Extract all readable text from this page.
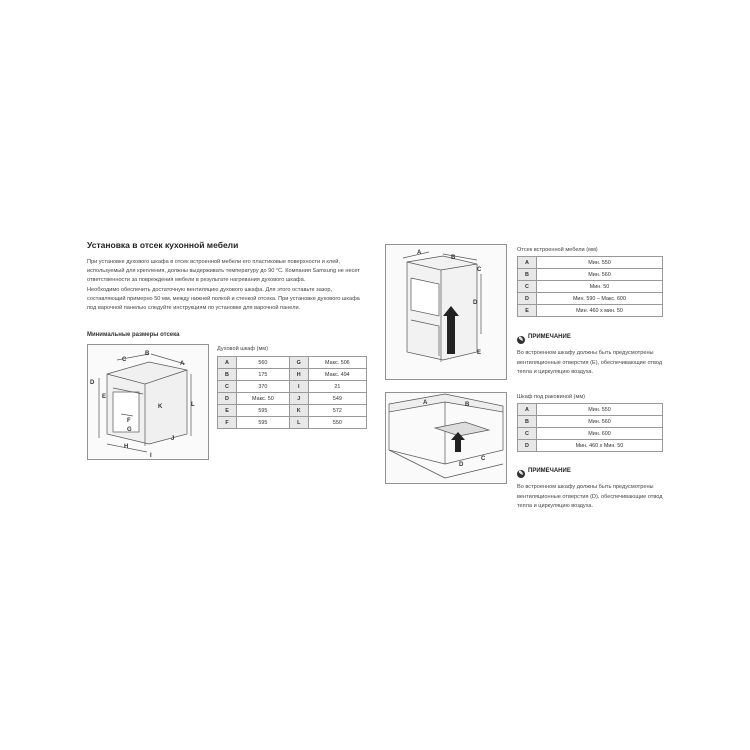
Установка в отсек кухонной мебели

При установке духового шкафа в отсек встроенной мебели его пластиковые поверхности и клей,

используемый для крепления, должны выдерживать температуру до 90 °C. Компания Samsung не несет

ответственности за повреждения мебели в результате нагревания духового шкафа.

Необходимо обеспечить достаточную вентиляцию духового шкафа. Для этого оставьте зазор,

составляющий примерно 50 мм, между нижней полкой и стенкой отсека. При установке духового шкафа

под варочной панелью следуйте инструкциям по установке для варочной панели.

Минимальные размеры отсека
A
B
C
D
E
F
G
H
I
J
K	L
Духовой шкаф (мм)
A	560	G	Макс. 506
B	175	H	Макс. 494
C	370	I	21
D	Макс. 50	J	549
E	595	K	572
F	595	L	550
A
B
C
D
E
Отсек встроенной мебели (мм)
A	Мин. 550
B	Мин. 560
C	Мин. 50
D	Мин. 590 – Макс. 600
E	Мин. 460 x мин. 50
✎ПРИМЕЧАНИЕ
Во встроенном шкафу должны быть предусмотрены
вентиляционные отверстия (E), обеспечивающие отвод
тепла и циркуляцию воздуха.
A	B
C
D
Шкаф под раковиной (мм)
A	Мин. 550
B	Мин. 560
C	Мин. 600
D	Мин. 460 x Мин. 50
✎ПРИМЕЧАНИЕ
Во встроенном шкафу должны быть предусмотрены
вентиляционные отверстия (D), обеспечивающие отвод
тепла и циркуляцию воздуха.
